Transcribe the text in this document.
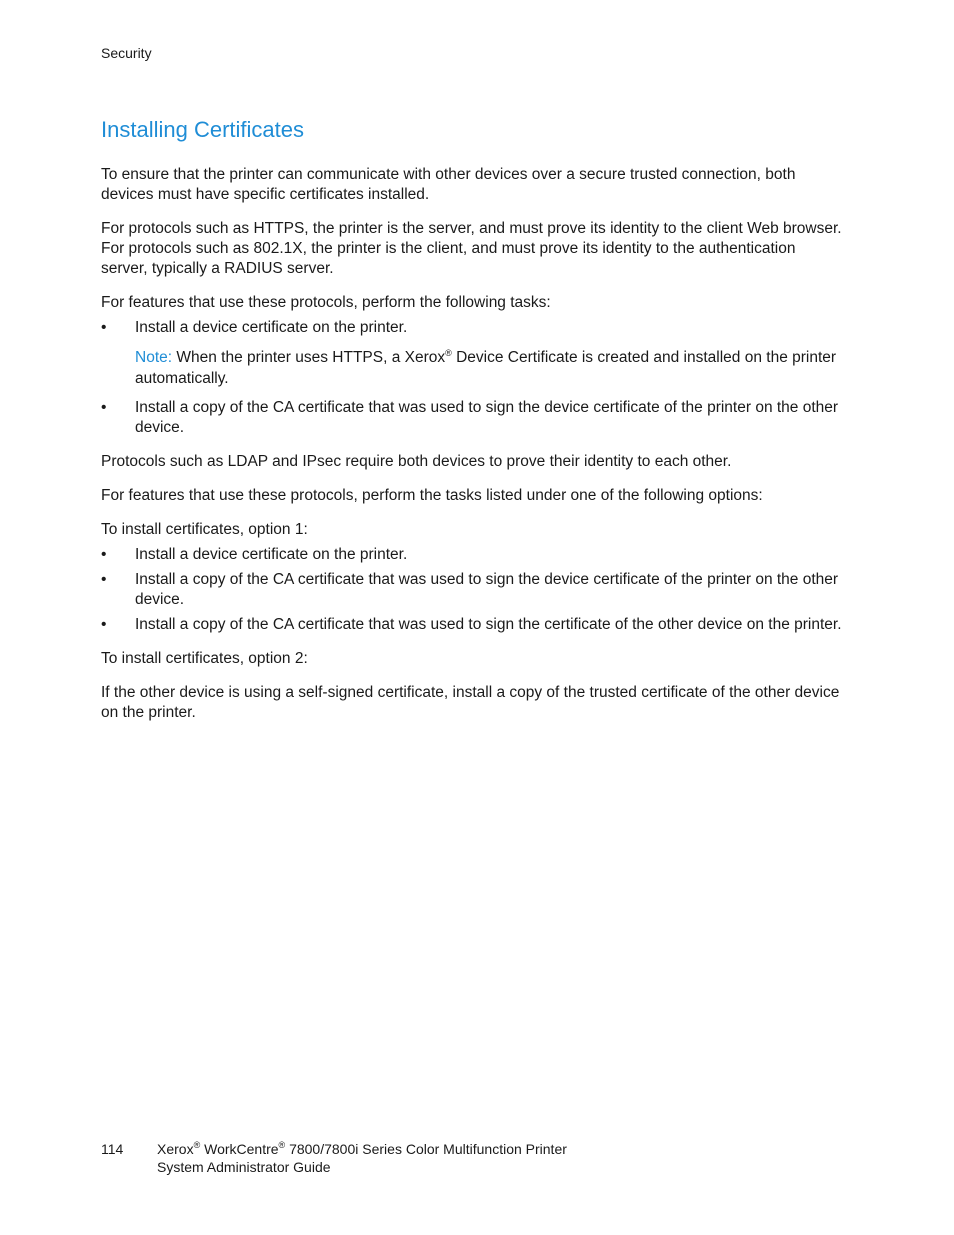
Security
Installing Certificates

To ensure that the printer can communicate with other devices over a secure trusted connection, both devices must have specific certificates installed.

For protocols such as HTTPS, the printer is the server, and must prove its identity to the client Web browser. For protocols such as 802.1X, the printer is the client, and must prove its identity to the authentication server, typically a RADIUS server.

For features that use these protocols, perform the following tasks:

• Install a device certificate on the printer.

Note: When the printer uses HTTPS, a Xerox® Device Certificate is created and installed on the printer automatically.

• Install a copy of the CA certificate that was used to sign the device certificate of the printer on the other device.

Protocols such as LDAP and IPsec require both devices to prove their identity to each other.

For features that use these protocols, perform the tasks listed under one of the following options:

To install certificates, option 1:

• Install a device certificate on the printer.
• Install a copy of the CA certificate that was used to sign the device certificate of the printer on the other device.
• Install a copy of the CA certificate that was used to sign the certificate of the other device on the printer.

To install certificates, option 2:

If the other device is using a self-signed certificate, install a copy of the trusted certificate of the other device on the printer.

114 Xerox® WorkCentre® 7800/7800i Series Color Multifunction Printer
System Administrator Guide
